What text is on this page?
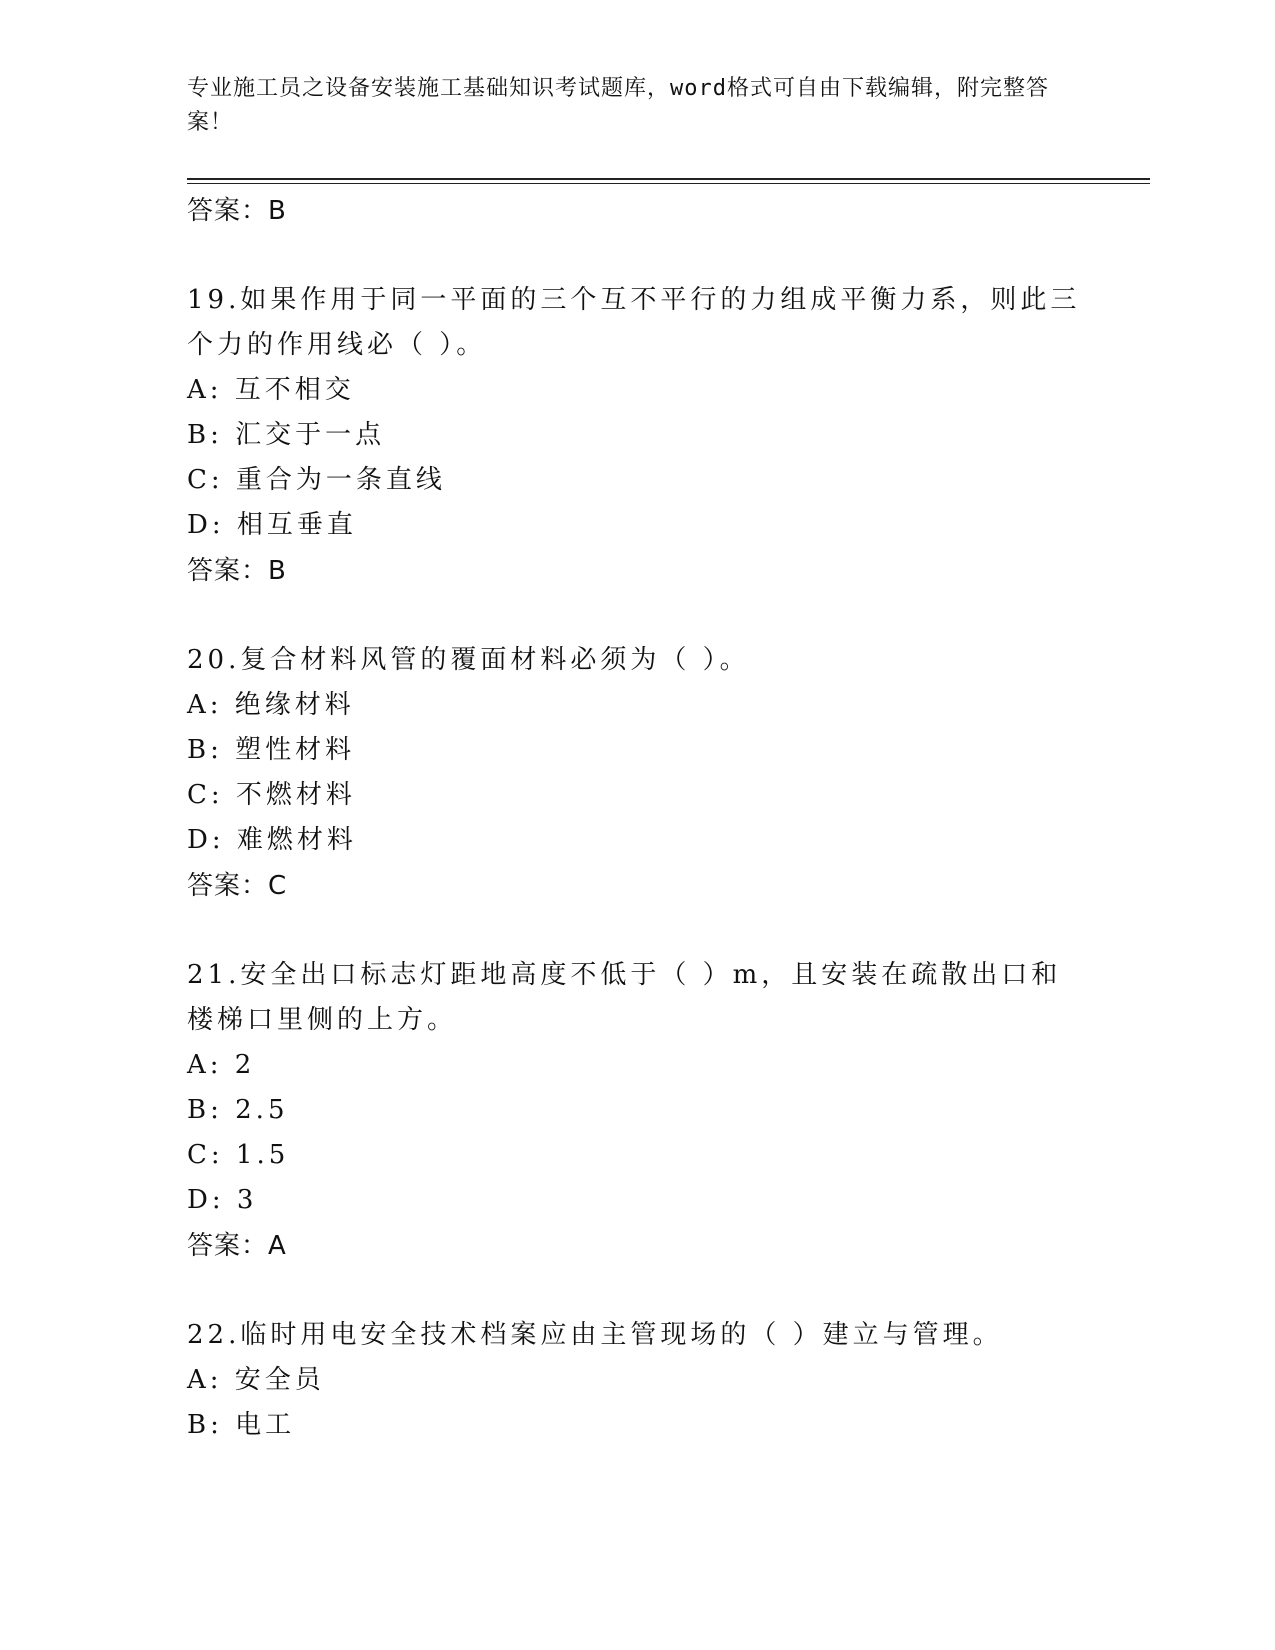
专业施工员之设备安装施工基础知识考试题库，word格式可自由下载编辑，附完整答案！
答案：B
19.如果作用于同一平面的三个互不平行的力组成平衡力系，则此三个力的作用线必（ ）。
A: 互不相交
B: 汇交于一点
C: 重合为一条直线
D: 相互垂直
答案：B
20.复合材料风管的覆面材料必须为（ ）。
A: 绝缘材料
B: 塑性材料
C: 不燃材料
D: 难燃材料
答案：C
21.安全出口标志灯距地高度不低于（ ）m，且安装在疏散出口和楼梯口里侧的上方。
A: 2
B: 2.5
C: 1.5
D: 3
答案：A
22.临时用电安全技术档案应由主管现场的（ ）建立与管理。
A: 安全员
B: 电工
